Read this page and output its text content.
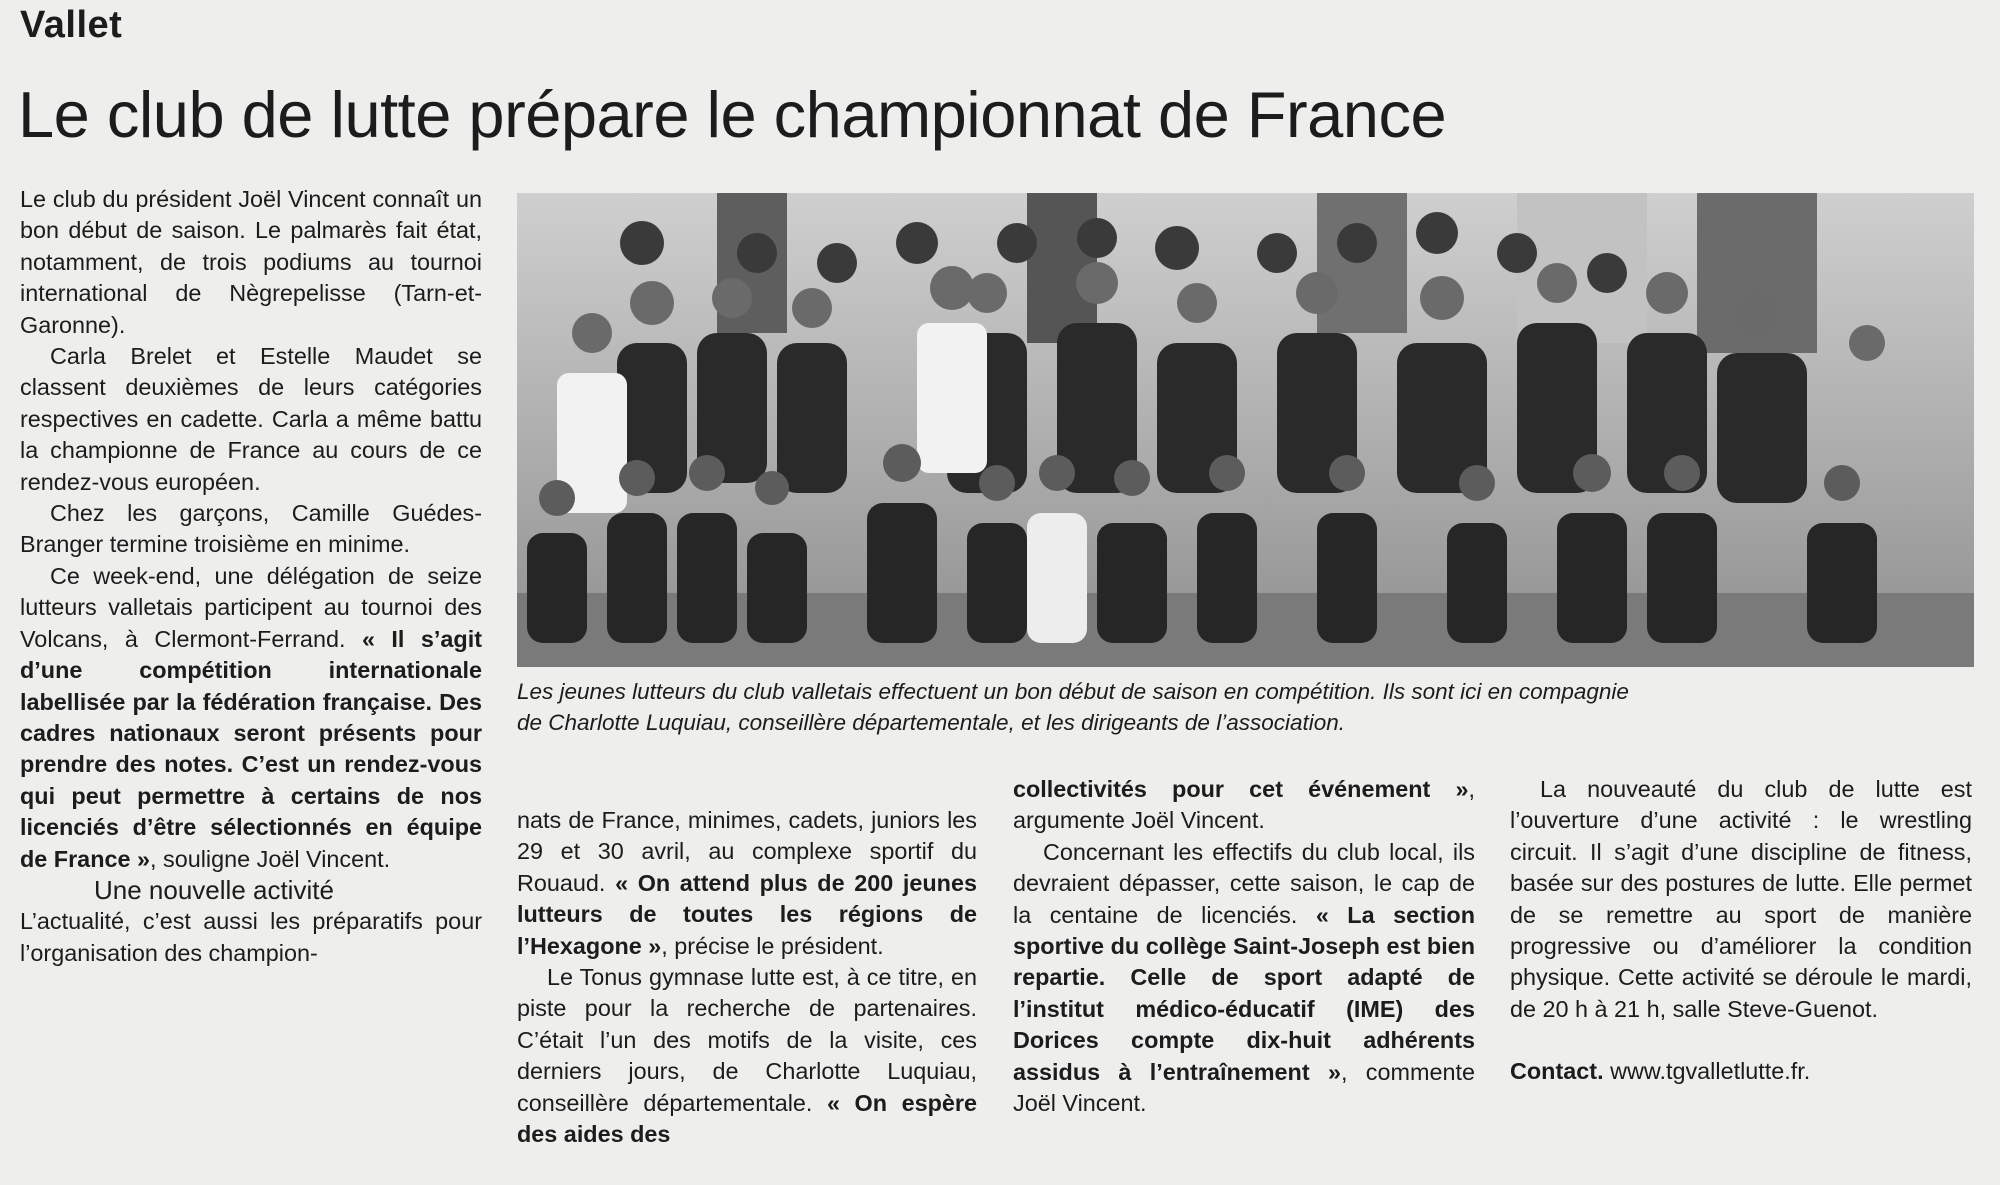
Vallet
Le club de lutte prépare le championnat de France

Le club du président Joël Vincent connaît un bon début de saison. Le palmarès fait état, notamment, de trois podiums au tournoi international de Nègrepelisse (Tarn-et-Garonne).

Carla Brelet et Estelle Maudet se classent deuxièmes de leurs catégories respectives en cadette. Carla a même battu la championne de France au cours de ce rendez-vous européen.

Chez les garçons, Camille Guédes-Branger termine troisième en minime.

Ce week-end, une délégation de seize lutteurs valletais participent au tournoi des Volcans, à Clermont-Ferrand. « Il s’agit d’une compétition internationale labellisée par la fédération française. Des cadres nationaux seront présents pour prendre des notes. C’est un rendez-vous qui peut permettre à certains de nos licenciés d’être sélectionnés en équipe de France », souligne Joël Vincent.

Une nouvelle activité

L’actualité, c’est aussi les préparatifs pour l’organisation des champion-

Les jeunes lutteurs du club valletais effectuent un bon début de saison en compétition. Ils sont ici en compagnie
de Charlotte Luquiau, conseillère départementale, et les dirigeants de l’association.

nats de France, minimes, cadets, juniors les 29 et 30 avril, au complexe sportif du Rouaud. « On attend plus de 200 jeunes lutteurs de toutes les régions de l’Hexagone », précise le président.

Le Tonus gymnase lutte est, à ce titre, en piste pour la recherche de partenaires. C’était l’un des motifs de la visite, ces derniers jours, de Charlotte Luquiau, conseillère départementale. « On espère des aides des

collectivités pour cet événement », argumente Joël Vincent.

Concernant les effectifs du club local, ils devraient dépasser, cette saison, le cap de la centaine de licenciés. « La section sportive du collège Saint-Joseph est bien repartie. Celle de sport adapté de l’institut médico-éducatif (IME) des Dorices compte dix-huit adhérents assidus à l’entraînement », commente Joël Vincent.

La nouveauté du club de lutte est l’ouverture d’une activité : le wrestling circuit. Il s’agit d’une discipline de fitness, basée sur des postures de lutte. Elle permet de se remettre au sport de manière progressive ou d’améliorer la condition physique. Cette activité se déroule le mardi, de 20 h à 21 h, salle Steve-Guenot.

Contact. www.tgvalletlutte.fr.
